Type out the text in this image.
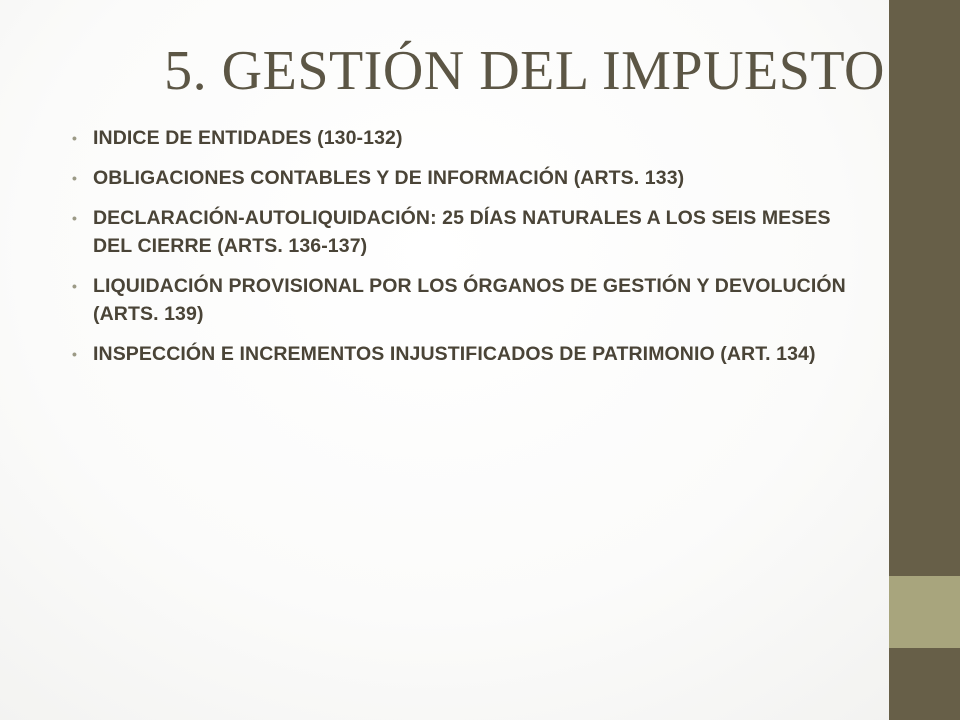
5. GESTIÓN DEL IMPUESTO
• INDICE DE ENTIDADES (130-132)
• OBLIGACIONES CONTABLES Y DE INFORMACIÓN (ARTS. 133)
• DECLARACIÓN-AUTOLIQUIDACIÓN: 25 DÍAS NATURALES A LOS SEIS MESES DEL CIERRE (ARTS. 136-137)
• LIQUIDACIÓN PROVISIONAL POR LOS ÓRGANOS DE GESTIÓN Y DEVOLUCIÓN (ARTS. 139)
• INSPECCIÓN E INCREMENTOS INJUSTIFICADOS DE PATRIMONIO (ART. 134)
